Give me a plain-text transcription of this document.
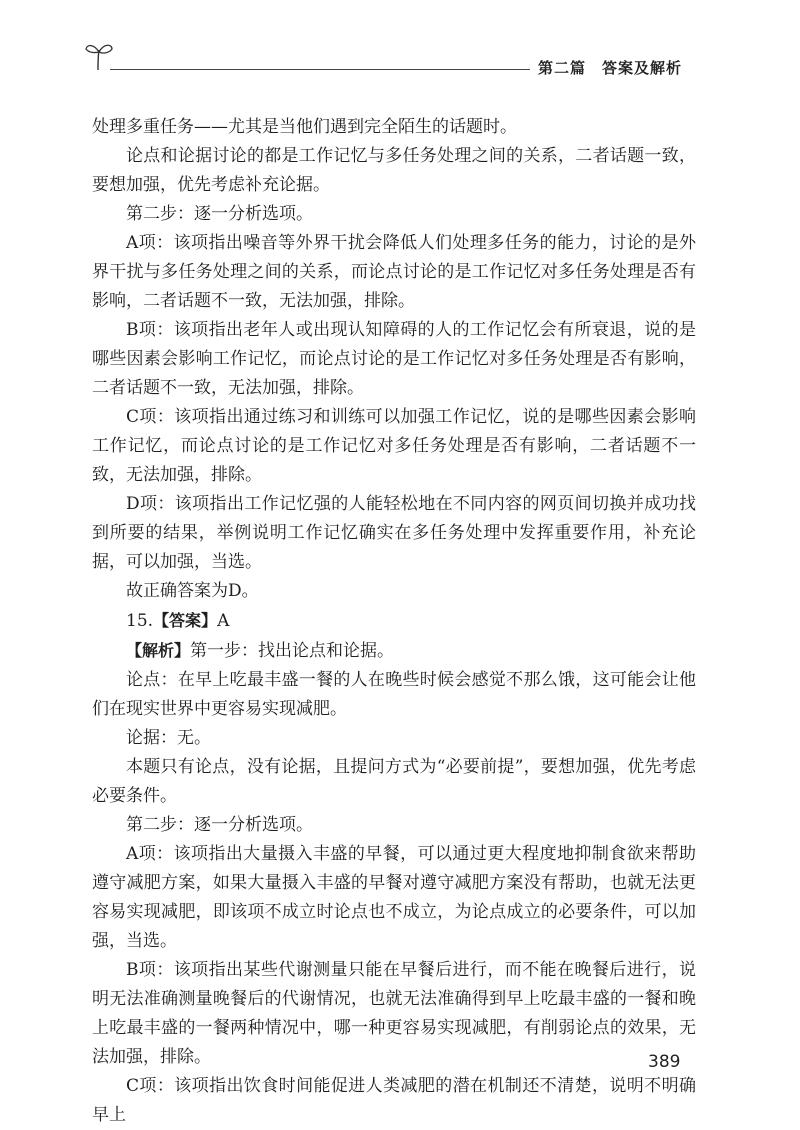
第二篇　答案及解析

处理多重任务——尤其是当他们遇到完全陌生的话题时。

论点和论据讨论的都是工作记忆与多任务处理之间的关系，二者话题一致，要想加强，优先考虑补充论据。

第二步：逐一分析选项。

A项：该项指出噪音等外界干扰会降低人们处理多任务的能力，讨论的是外界干扰与多任务处理之间的关系，而论点讨论的是工作记忆对多任务处理是否有影响，二者话题不一致，无法加强，排除。

B项：该项指出老年人或出现认知障碍的人的工作记忆会有所衰退，说的是哪些因素会影响工作记忆，而论点讨论的是工作记忆对多任务处理是否有影响，二者话题不一致，无法加强，排除。

C项：该项指出通过练习和训练可以加强工作记忆，说的是哪些因素会影响工作记忆，而论点讨论的是工作记忆对多任务处理是否有影响，二者话题不一致，无法加强，排除。

D项：该项指出工作记忆强的人能轻松地在不同内容的网页间切换并成功找到所要的结果，举例说明工作记忆确实在多任务处理中发挥重要作用，补充论据，可以加强，当选。

故正确答案为D。

15.【答案】A

【解析】第一步：找出论点和论据。

论点：在早上吃最丰盛一餐的人在晚些时候会感觉不那么饿，这可能会让他们在现实世界中更容易实现减肥。

论据：无。

本题只有论点，没有论据，且提问方式为“必要前提”，要想加强，优先考虑必要条件。

第二步：逐一分析选项。

A项：该项指出大量摄入丰盛的早餐，可以通过更大程度地抑制食欲来帮助遵守减肥方案，如果大量摄入丰盛的早餐对遵守减肥方案没有帮助，也就无法更容易实现减肥，即该项不成立时论点也不成立，为论点成立的必要条件，可以加强，当选。

B项：该项指出某些代谢测量只能在早餐后进行，而不能在晚餐后进行，说明无法准确测量晚餐后的代谢情况，也就无法准确得到早上吃最丰盛的一餐和晚上吃最丰盛的一餐两种情况中，哪一种更容易实现减肥，有削弱论点的效果，无法加强，排除。

C项：该项指出饮食时间能促进人类减肥的潜在机制还不清楚，说明不明确早上

389
